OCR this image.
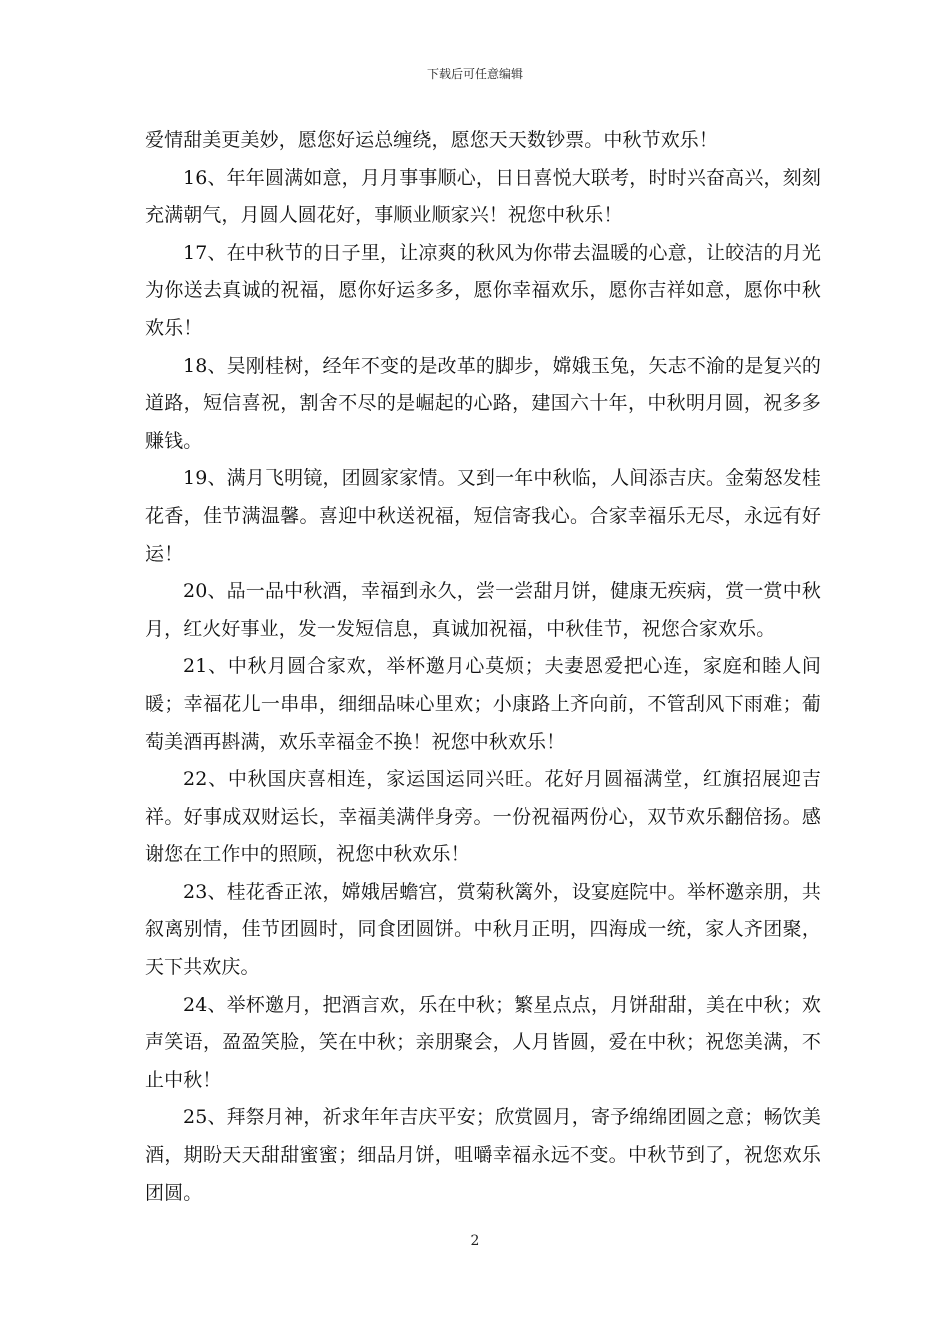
下载后可任意编辑

爱情甜美更美妙，愿您好运总缠绕，愿您天天数钞票。中秋节欢乐！

16、年年圆满如意，月月事事顺心，日日喜悦大联考，时时兴奋高兴，刻刻充满朝气，月圆人圆花好，事顺业顺家兴！祝您中秋乐！

17、在中秋节的日子里，让凉爽的秋风为你带去温暖的心意，让皎洁的月光为你送去真诚的祝福，愿你好运多多，愿你幸福欢乐，愿你吉祥如意，愿你中秋欢乐！

18、吴刚桂树，经年不变的是改革的脚步，嫦娥玉兔，矢志不渝的是复兴的道路，短信喜祝，割舍不尽的是崛起的心路，建国六十年，中秋明月圆，祝多多赚钱。

19、满月飞明镜，团圆家家情。又到一年中秋临，人间添吉庆。金菊怒发桂花香，佳节满温馨。喜迎中秋送祝福，短信寄我心。合家幸福乐无尽，永远有好运！

20、品一品中秋酒，幸福到永久，尝一尝甜月饼，健康无疾病，赏一赏中秋月，红火好事业，发一发短信息，真诚加祝福，中秋佳节，祝您合家欢乐。

21、中秋月圆合家欢，举杯邀月心莫烦；夫妻恩爱把心连，家庭和睦人间暖；幸福花儿一串串，细细品味心里欢；小康路上齐向前，不管刮风下雨难；葡萄美酒再斟满，欢乐幸福金不换！祝您中秋欢乐！

22、中秋国庆喜相连，家运国运同兴旺。花好月圆福满堂，红旗招展迎吉祥。好事成双财运长，幸福美满伴身旁。一份祝福两份心，双节欢乐翻倍扬。感谢您在工作中的照顾，祝您中秋欢乐！

23、桂花香正浓，嫦娥居蟾宫，赏菊秋篱外，设宴庭院中。举杯邀亲朋，共叙离别情，佳节团圆时，同食团圆饼。中秋月正明，四海成一统，家人齐团聚，天下共欢庆。

24、举杯邀月，把酒言欢，乐在中秋；繁星点点，月饼甜甜，美在中秋；欢声笑语，盈盈笑脸，笑在中秋；亲朋聚会，人月皆圆，爱在中秋；祝您美满，不止中秋！

25、拜祭月神，祈求年年吉庆平安；欣赏圆月，寄予绵绵团圆之意；畅饮美酒，期盼天天甜甜蜜蜜；细品月饼，咀嚼幸福永远不变。中秋节到了，祝您欢乐团圆。

2
